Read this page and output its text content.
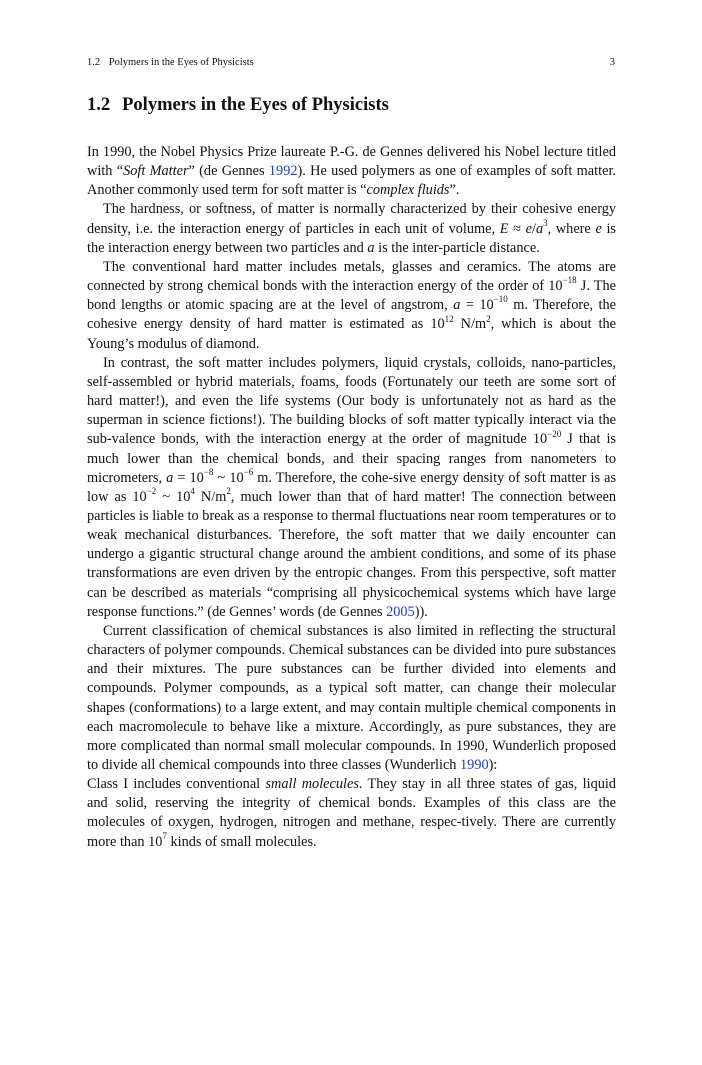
1.2 Polymers in the Eyes of Physicists	3
1.2 Polymers in the Eyes of Physicists

In 1990, the Nobel Physics Prize laureate P.-G. de Gennes delivered his Nobel lecture titled with “Soft Matter” (de Gennes 1992). He used polymers as one of examples of soft matter. Another commonly used term for soft matter is “complex fluids”.

The hardness, or softness, of matter is normally characterized by their cohesive energy density, i.e. the interaction energy of particles in each unit of volume, $E \approx e/a^3$, where e is the interaction energy between two particles and a is the inter-particle distance.

The conventional hard matter includes metals, glasses and ceramics. The atoms are connected by strong chemical bonds with the interaction energy of the order of $10^{-18}$ J. The bond lengths or atomic spacing are at the level of angstrom, $a = 10^{-10}$ m. Therefore, the cohesive energy density of hard matter is estimated as $10^{12}$ $N/m^2$, which is about the Young’s modulus of diamond.

In contrast, the soft matter includes polymers, liquid crystals, colloids, nano-particles, self-assembled or hybrid materials, foams, foods (Fortunately our teeth are some sort of hard matter!), and even the life systems (Our body is unfortunately not as hard as the superman in science fictions!). The building blocks of soft matter typically interact via the sub-valence bonds, with the interaction energy at the order of magnitude $10^{-20}$ J that is much lower than the chemical bonds, and their spacing ranges from nanometers to micrometers, $a = 10^{-8}$ ~ $10^{-6}$ m. Therefore, the cohe-sive energy density of soft matter is as low as $10^{-2}$ ~ $10^4$ $N/m^2$, much lower than that of hard matter! The connection between particles is liable to break as a response to thermal fluctuations near room temperatures or to weak mechanical disturbances. Therefore, the soft matter that we daily encounter can undergo a gigantic structural change around the ambient conditions, and some of its phase transformations are even driven by the entropic changes. From this perspective, soft matter can be described as materials “comprising all physicochemical systems which have large response functions.” (de Gennes’ words (de Gennes 2005)).

Current classification of chemical substances is also limited in reflecting the structural characters of polymer compounds. Chemical substances can be divided into pure substances and their mixtures. The pure substances can be further divided into elements and compounds. Polymer compounds, as a typical soft matter, can change their molecular shapes (conformations) to a large extent, and may contain multiple chemical components in each macromolecule to behave like a mixture. Accordingly, as pure substances, they are more complicated than normal small molecular compounds. In 1990, Wunderlich proposed to divide all chemical compounds into three classes (Wunderlich 1990):

Class I includes conventional small molecules. They stay in all three states of gas, liquid and solid, reserving the integrity of chemical bonds. Examples of this class are the molecules of oxygen, hydrogen, nitrogen and methane, respec-tively. There are currently more than $10^7$ kinds of small molecules.
